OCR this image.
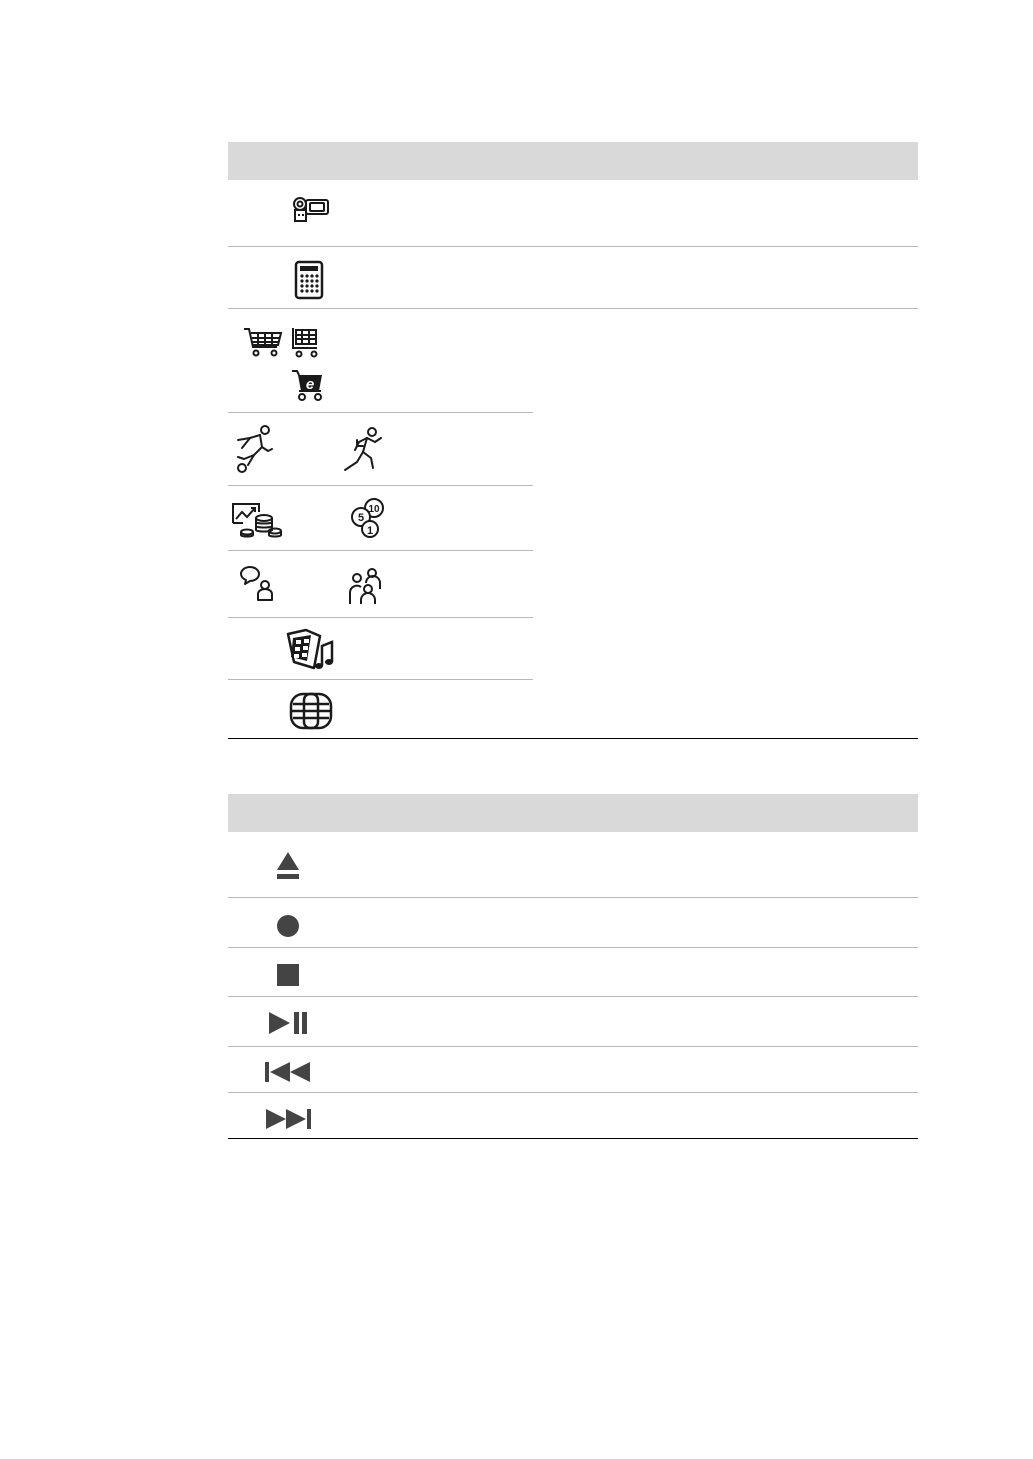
e
10
5
1
